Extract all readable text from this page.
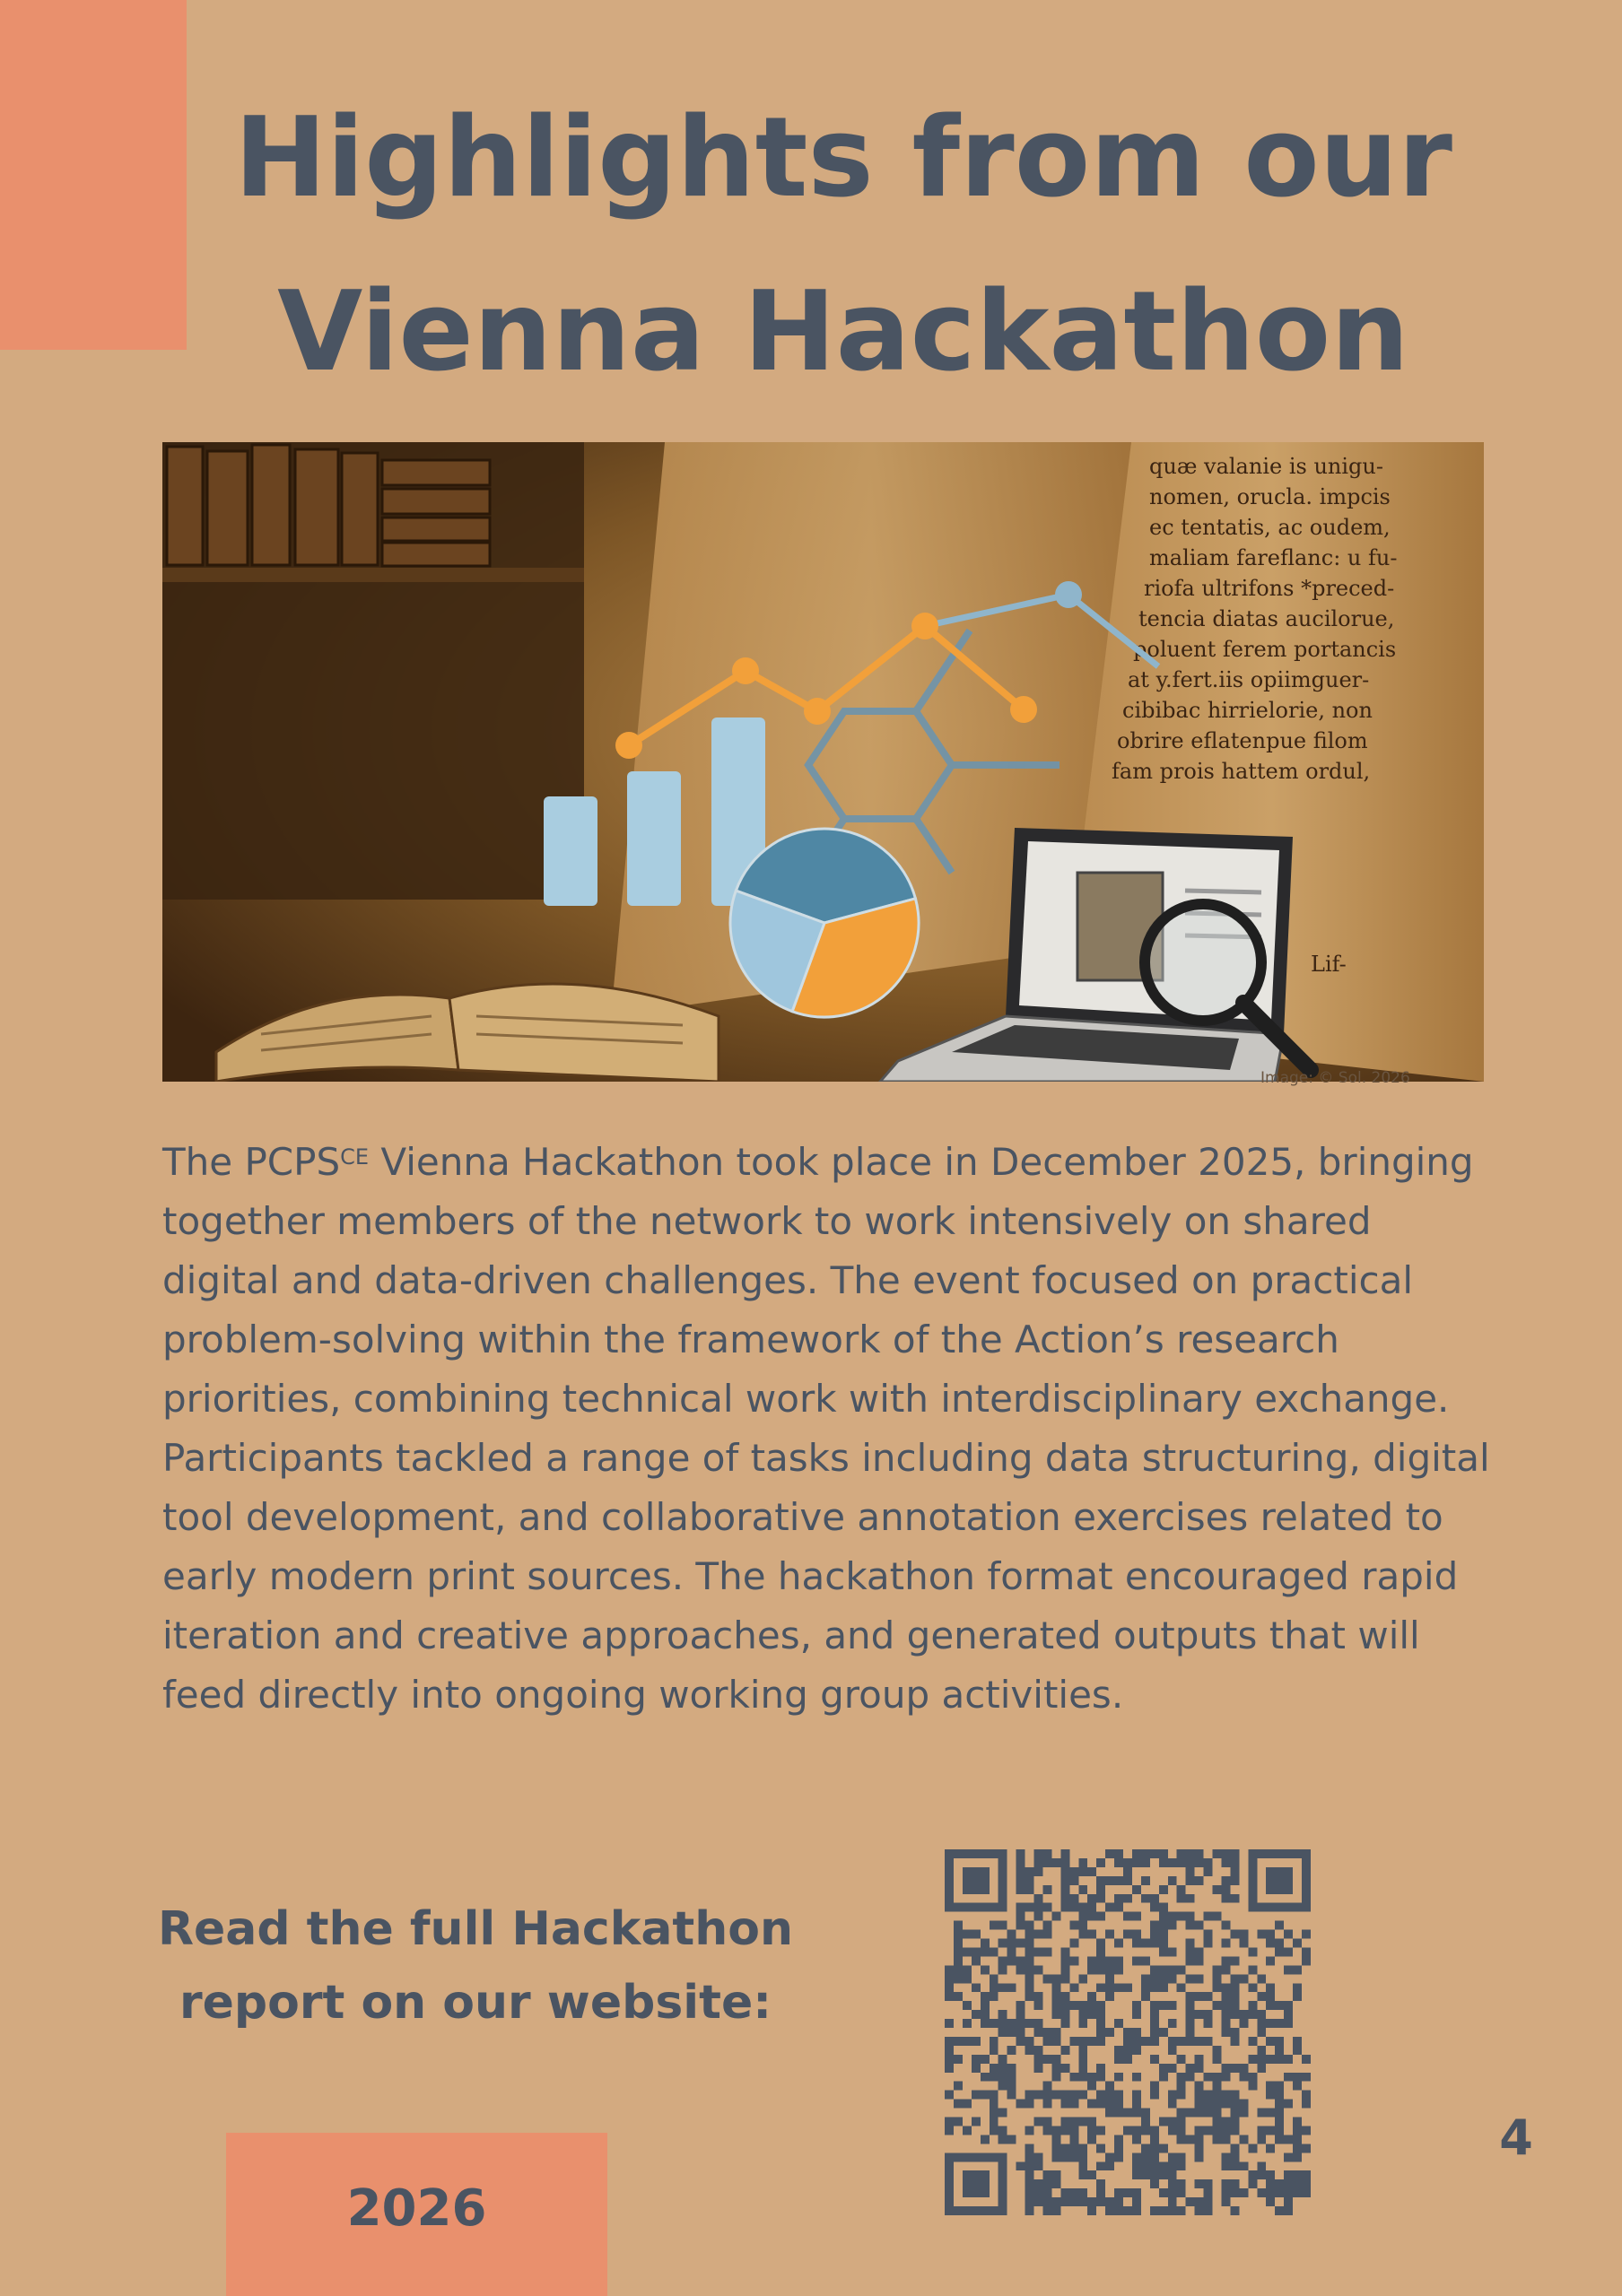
Highlights from our
Vienna Hackathon
quæ valanie is unigu-
nomen, orucla. impcis
ec tentatis, ac oudem,
maliam fareflanc: u fu-
riofa ultrifons *preced-
tencia diatas aucilorue,
poluent ferem portancis
at y.fert.iis opiimguer-
cibibac hirrielorie, non
obrire eflatenpue filom
fam prois hattem ordul,
Lif-
Image: © Sol. 2026

The $PCPS^{CE}$ Vienna Hackathon took place in December 2025, bringing together members of the network to work intensively on shared digital and data-driven challenges. The event focused on practical problem-solving within the framework of the Action’s research priorities, combining technical work with interdisciplinary exchange.

Participants tackled a range of tasks including data structuring, digital tool development, and collaborative annotation exercises related to early modern print sources. The hackathon format encouraged rapid iteration and creative approaches, and generated outputs that will feed directly into ongoing working group activities.

Read the full Hackathon
report on our website:
2026
4
